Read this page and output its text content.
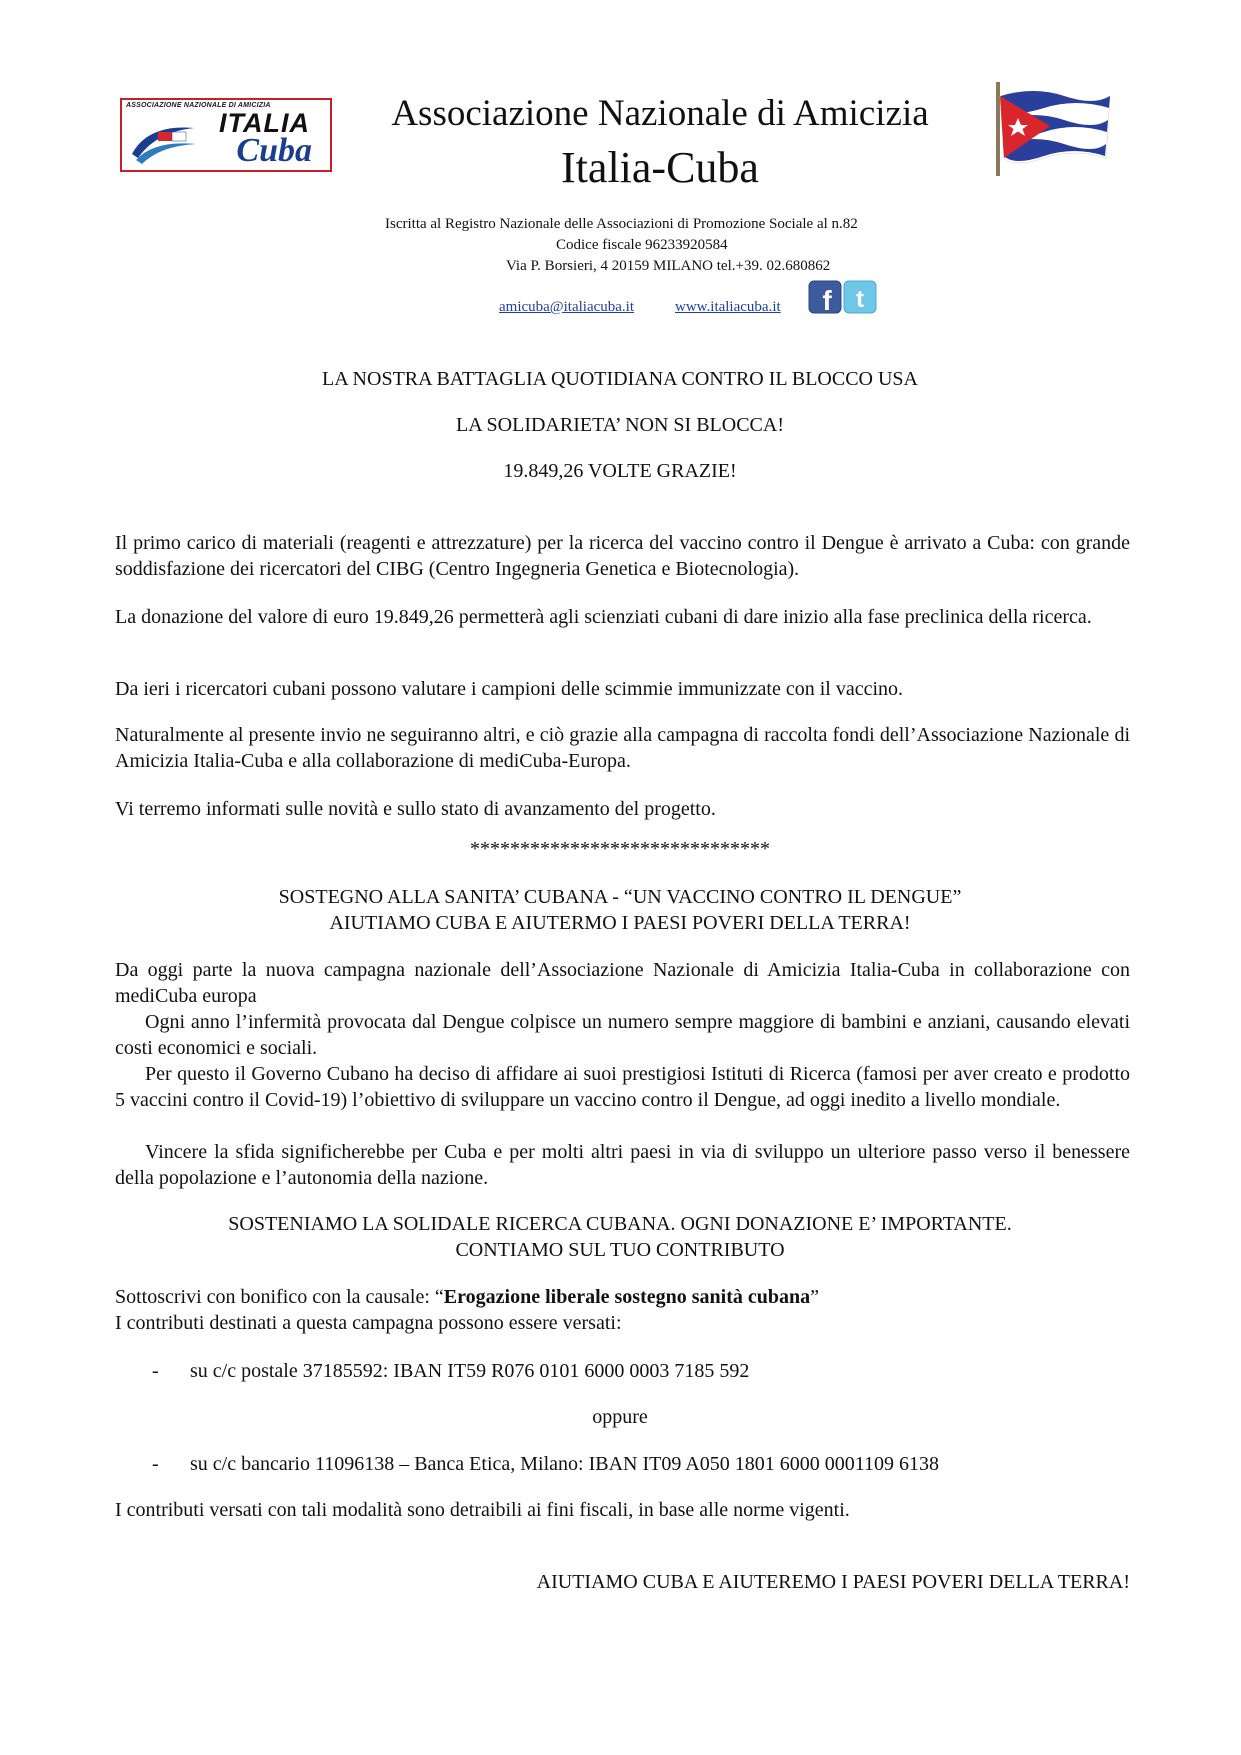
ASSOCIAZIONE NAZIONALE DI AMICIZIA
ITALIA
Cuba
Associazione Nazionale di Amicizia
Italia-Cuba
Iscritta al Registro Nazionale delle Associazioni di Promozione Sociale al n.82
Codice fiscale 96233920584
Via P. Borsieri, 4 20159 MILANO tel.+39. 02.680862
amicuba@italiacuba.it	www.italiacuba.it f t
LA NOSTRA BATTAGLIA QUOTIDIANA CONTRO IL BLOCCO USA
LA SOLIDARIETA’ NON SI BLOCCA!
19.849,26 VOLTE GRAZIE!
Il primo carico di materiali (reagenti e attrezzature) per la ricerca del vaccino contro il Dengue è arrivato a Cuba: con grande soddisfazione dei ricercatori del CIBG (Centro Ingegneria Genetica e Biotecnologia).
La donazione del valore di euro 19.849,26 permetterà agli scienziati cubani di dare inizio alla fase preclinica della ricerca.
Da ieri i ricercatori cubani possono valutare i campioni delle scimmie immunizzate con il vaccino.
Naturalmente al presente invio ne seguiranno altri, e ciò grazie alla campagna di raccolta fondi dell’Associazione Nazionale di Amicizia Italia-Cuba e alla collaborazione di mediCuba-Europa.
Vi terremo informati sulle novità e sullo stato di avanzamento del progetto.
******************************
SOSTEGNO ALLA SANITA’ CUBANA - “UN VACCINO CONTRO IL DENGUE”
AIUTIAMO CUBA E AIUTERMO I PAESI POVERI DELLA TERRA!
Da oggi parte la nuova campagna nazionale dell’Associazione Nazionale di Amicizia Italia-Cuba in collaborazione con mediCuba europa
Ogni anno l’infermità provocata dal Dengue colpisce un numero sempre maggiore di bambini e anziani, causando elevati costi economici e sociali.
Per questo il Governo Cubano ha deciso di affidare ai suoi prestigiosi Istituti di Ricerca (famosi per aver creato e prodotto 5 vaccini contro il Covid-19) l’obiettivo di sviluppare un vaccino contro il Dengue, ad oggi inedito a livello mondiale.
Vincere la sfida significherebbe per Cuba e per molti altri paesi in via di sviluppo un ulteriore passo verso il benessere della popolazione e l’autonomia della nazione.
SOSTENIAMO LA SOLIDALE RICERCA CUBANA. OGNI DONAZIONE E’ IMPORTANTE.
CONTIAMO SUL TUO CONTRIBUTO
Sottoscrivi con bonifico con la causale: “Erogazione liberale sostegno sanità cubana”
I contributi destinati a questa campagna possono essere versati:
- su c/c postale 37185592: IBAN IT59 R076 0101 6000 0003 7185 592
oppure
- su c/c bancario 11096138 – Banca Etica, Milano: IBAN IT09 A050 1801 6000 0001109 6138
I contributi versati con tali modalità sono detraibili ai fini fiscali, in base alle norme vigenti.
AIUTIAMO CUBA E AIUTEREMO I PAESI POVERI DELLA TERRA!
